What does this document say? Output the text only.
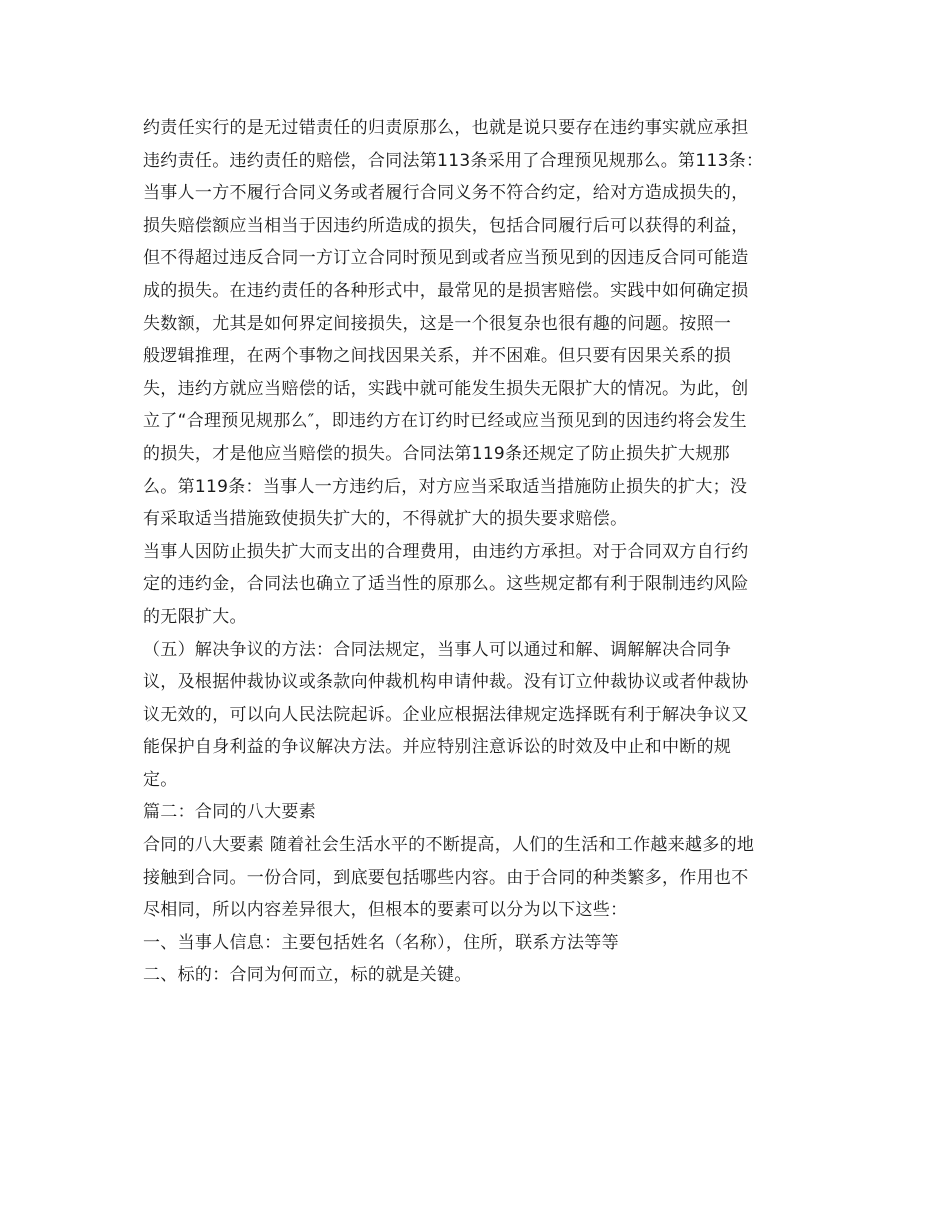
约责任实行的是无过错责任的归责原那么，也就是说只要存在违约事实就应承担
违约责任。违约责任的赔偿，合同法第113条采用了合理预见规那么。第113条：
当事人一方不履行合同义务或者履行合同义务不符合约定，给对方造成损失的，
损失赔偿额应当相当于因违约所造成的损失，包括合同履行后可以获得的利益，
但不得超过违反合同一方订立合同时预见到或者应当预见到的因违反合同可能造
成的损失。在违约责任的各种形式中，最常见的是损害赔偿。实践中如何确定损
失数额，尤其是如何界定间接损失，这是一个很复杂也很有趣的问题。按照一
般逻辑推理，在两个事物之间找因果关系，并不困难。但只要有因果关系的损
失，违约方就应当赔偿的话，实践中就可能发生损失无限扩大的情况。为此，创
立了“合理预见规那么″，即违约方在订约时已经或应当预见到的因违约将会发生
的损失，才是他应当赔偿的损失。合同法第119条还规定了防止损失扩大规那
么。第119条：当事人一方违约后，对方应当采取适当措施防止损失的扩大；没
有采取适当措施致使损失扩大的，不得就扩大的损失要求赔偿。
当事人因防止损失扩大而支出的合理费用，由违约方承担。对于合同双方自行约
定的违约金，合同法也确立了适当性的原那么。这些规定都有利于限制违约风险
的无限扩大。
（五）解决争议的方法：合同法规定，当事人可以通过和解、调解解决合同争
议，及根据仲裁协议或条款向仲裁机构申请仲裁。没有订立仲裁协议或者仲裁协
议无效的，可以向人民法院起诉。企业应根据法律规定选择既有利于解决争议又
能保护自身利益的争议解决方法。并应特别注意诉讼的时效及中止和中断的规
定。
篇二：合同的八大要素
合同的八大要素 随着社会生活水平的不断提高，人们的生活和工作越来越多的地
接触到合同。一份合同，到底要包括哪些内容。由于合同的种类繁多，作用也不
尽相同，所以内容差异很大，但根本的要素可以分为以下这些：
一、当事人信息：主要包括姓名（名称），住所，联系方法等等
二、标的：合同为何而立，标的就是关键。
